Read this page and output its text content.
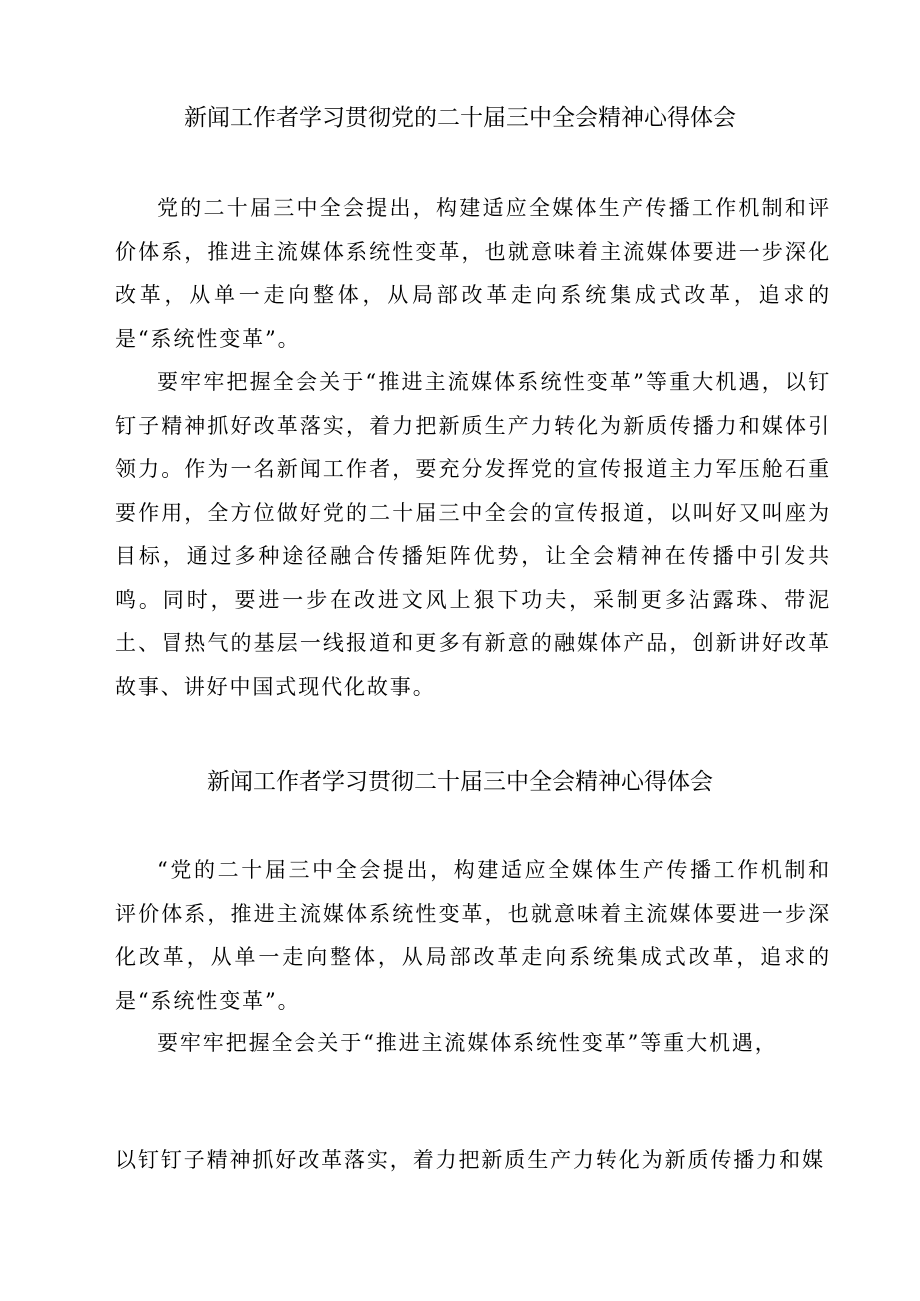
新闻工作者学习贯彻党的二十届三中全会精神心得体会

党的二十届三中全会提出，构建适应全媒体生产传播工作机制和评价体系，推进主流媒体系统性变革，也就意味着主流媒体要进一步深化改革，从单一走向整体，从局部改革走向系统集成式改革，追求的是“系统性变革”。

要牢牢把握全会关于“推进主流媒体系统性变革”等重大机遇，以钉钉子精神抓好改革落实，着力把新质生产力转化为新质传播力和媒体引领力。作为一名新闻工作者，要充分发挥党的宣传报道主力军压舱石重要作用，全方位做好党的二十届三中全会的宣传报道，以叫好又叫座为目标，通过多种途径融合传播矩阵优势，让全会精神在传播中引发共鸣。同时，要进一步在改进文风上狠下功夫，采制更多沾露珠、带泥土、冒热气的基层一线报道和更多有新意的融媒体产品，创新讲好改革故事、讲好中国式现代化故事。

新闻工作者学习贯彻二十届三中全会精神心得体会

“党的二十届三中全会提出，构建适应全媒体生产传播工作机制和评价体系，推进主流媒体系统性变革，也就意味着主流媒体要进一步深化改革，从单一走向整体，从局部改革走向系统集成式改革，追求的是“系统性变革”。

要牢牢把握全会关于“推进主流媒体系统性变革”等重大机遇，

以钉钉子精神抓好改革落实，着力把新质生产力转化为新质传播力和媒
